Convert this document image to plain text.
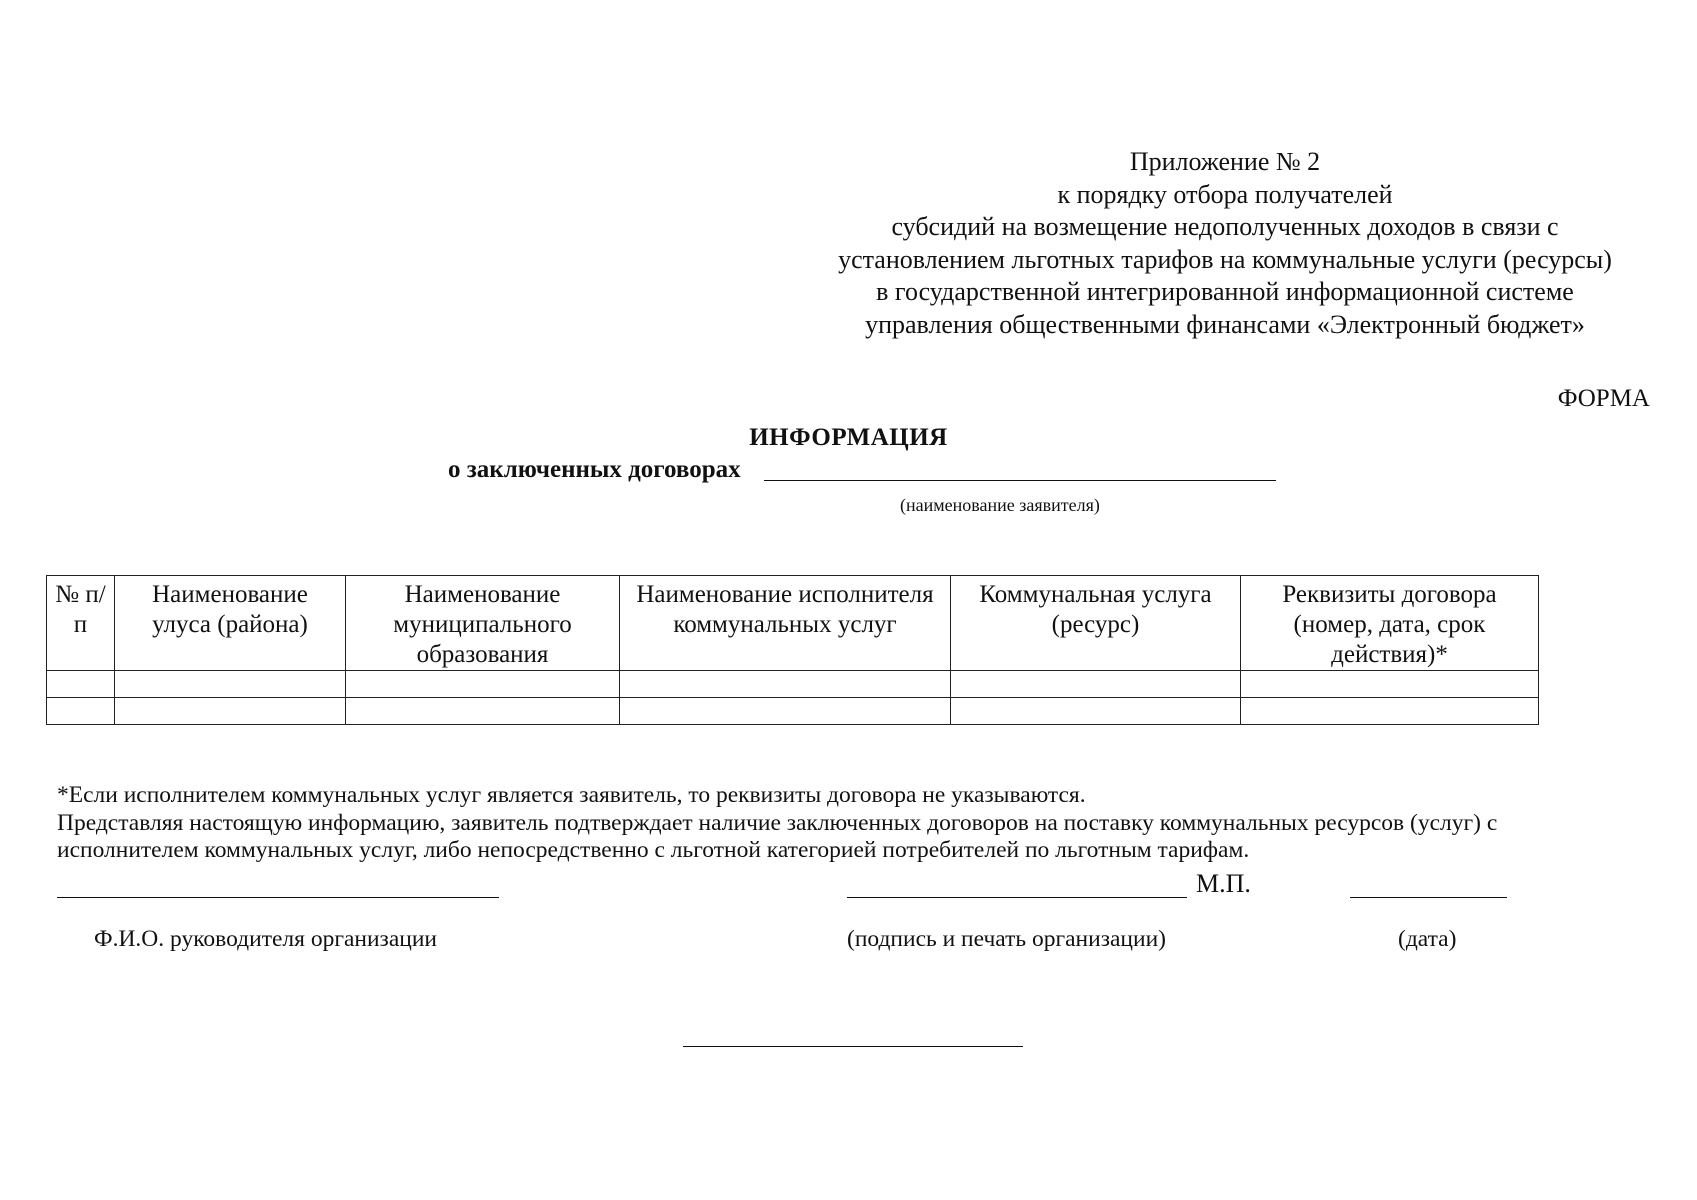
Приложение № 2
к порядку отбора получателей
субсидий на возмещение недополученных доходов в связи с
установлением льготных тарифов на коммунальные услуги (ресурсы)
в государственной интегрированной информационной системе
управления общественными финансами «Электронный бюджет»
ФОРМА
ИНФОРМАЦИЯ
о заключенных договорах
(наименование заявителя)
№ п/п	Наименование улуса (района)	Наименование муниципального образования	Наименование исполнителя коммунальных услуг	Коммунальная услуга (ресурс)	Реквизиты договора (номер, дата, срок действия)*

*Если исполнителем коммунальных услуг является заявитель, то реквизиты договора не указываются.
Представляя настоящую информацию, заявитель подтверждает наличие заключенных договоров на поставку коммунальных ресурсов (услуг) с
исполнителем коммунальных услуг, либо непосредственно с льготной категорией потребителей по льготным тарифам.
М.П.
Ф.И.О. руководителя организации	(подпись и печать организации)	(дата)
